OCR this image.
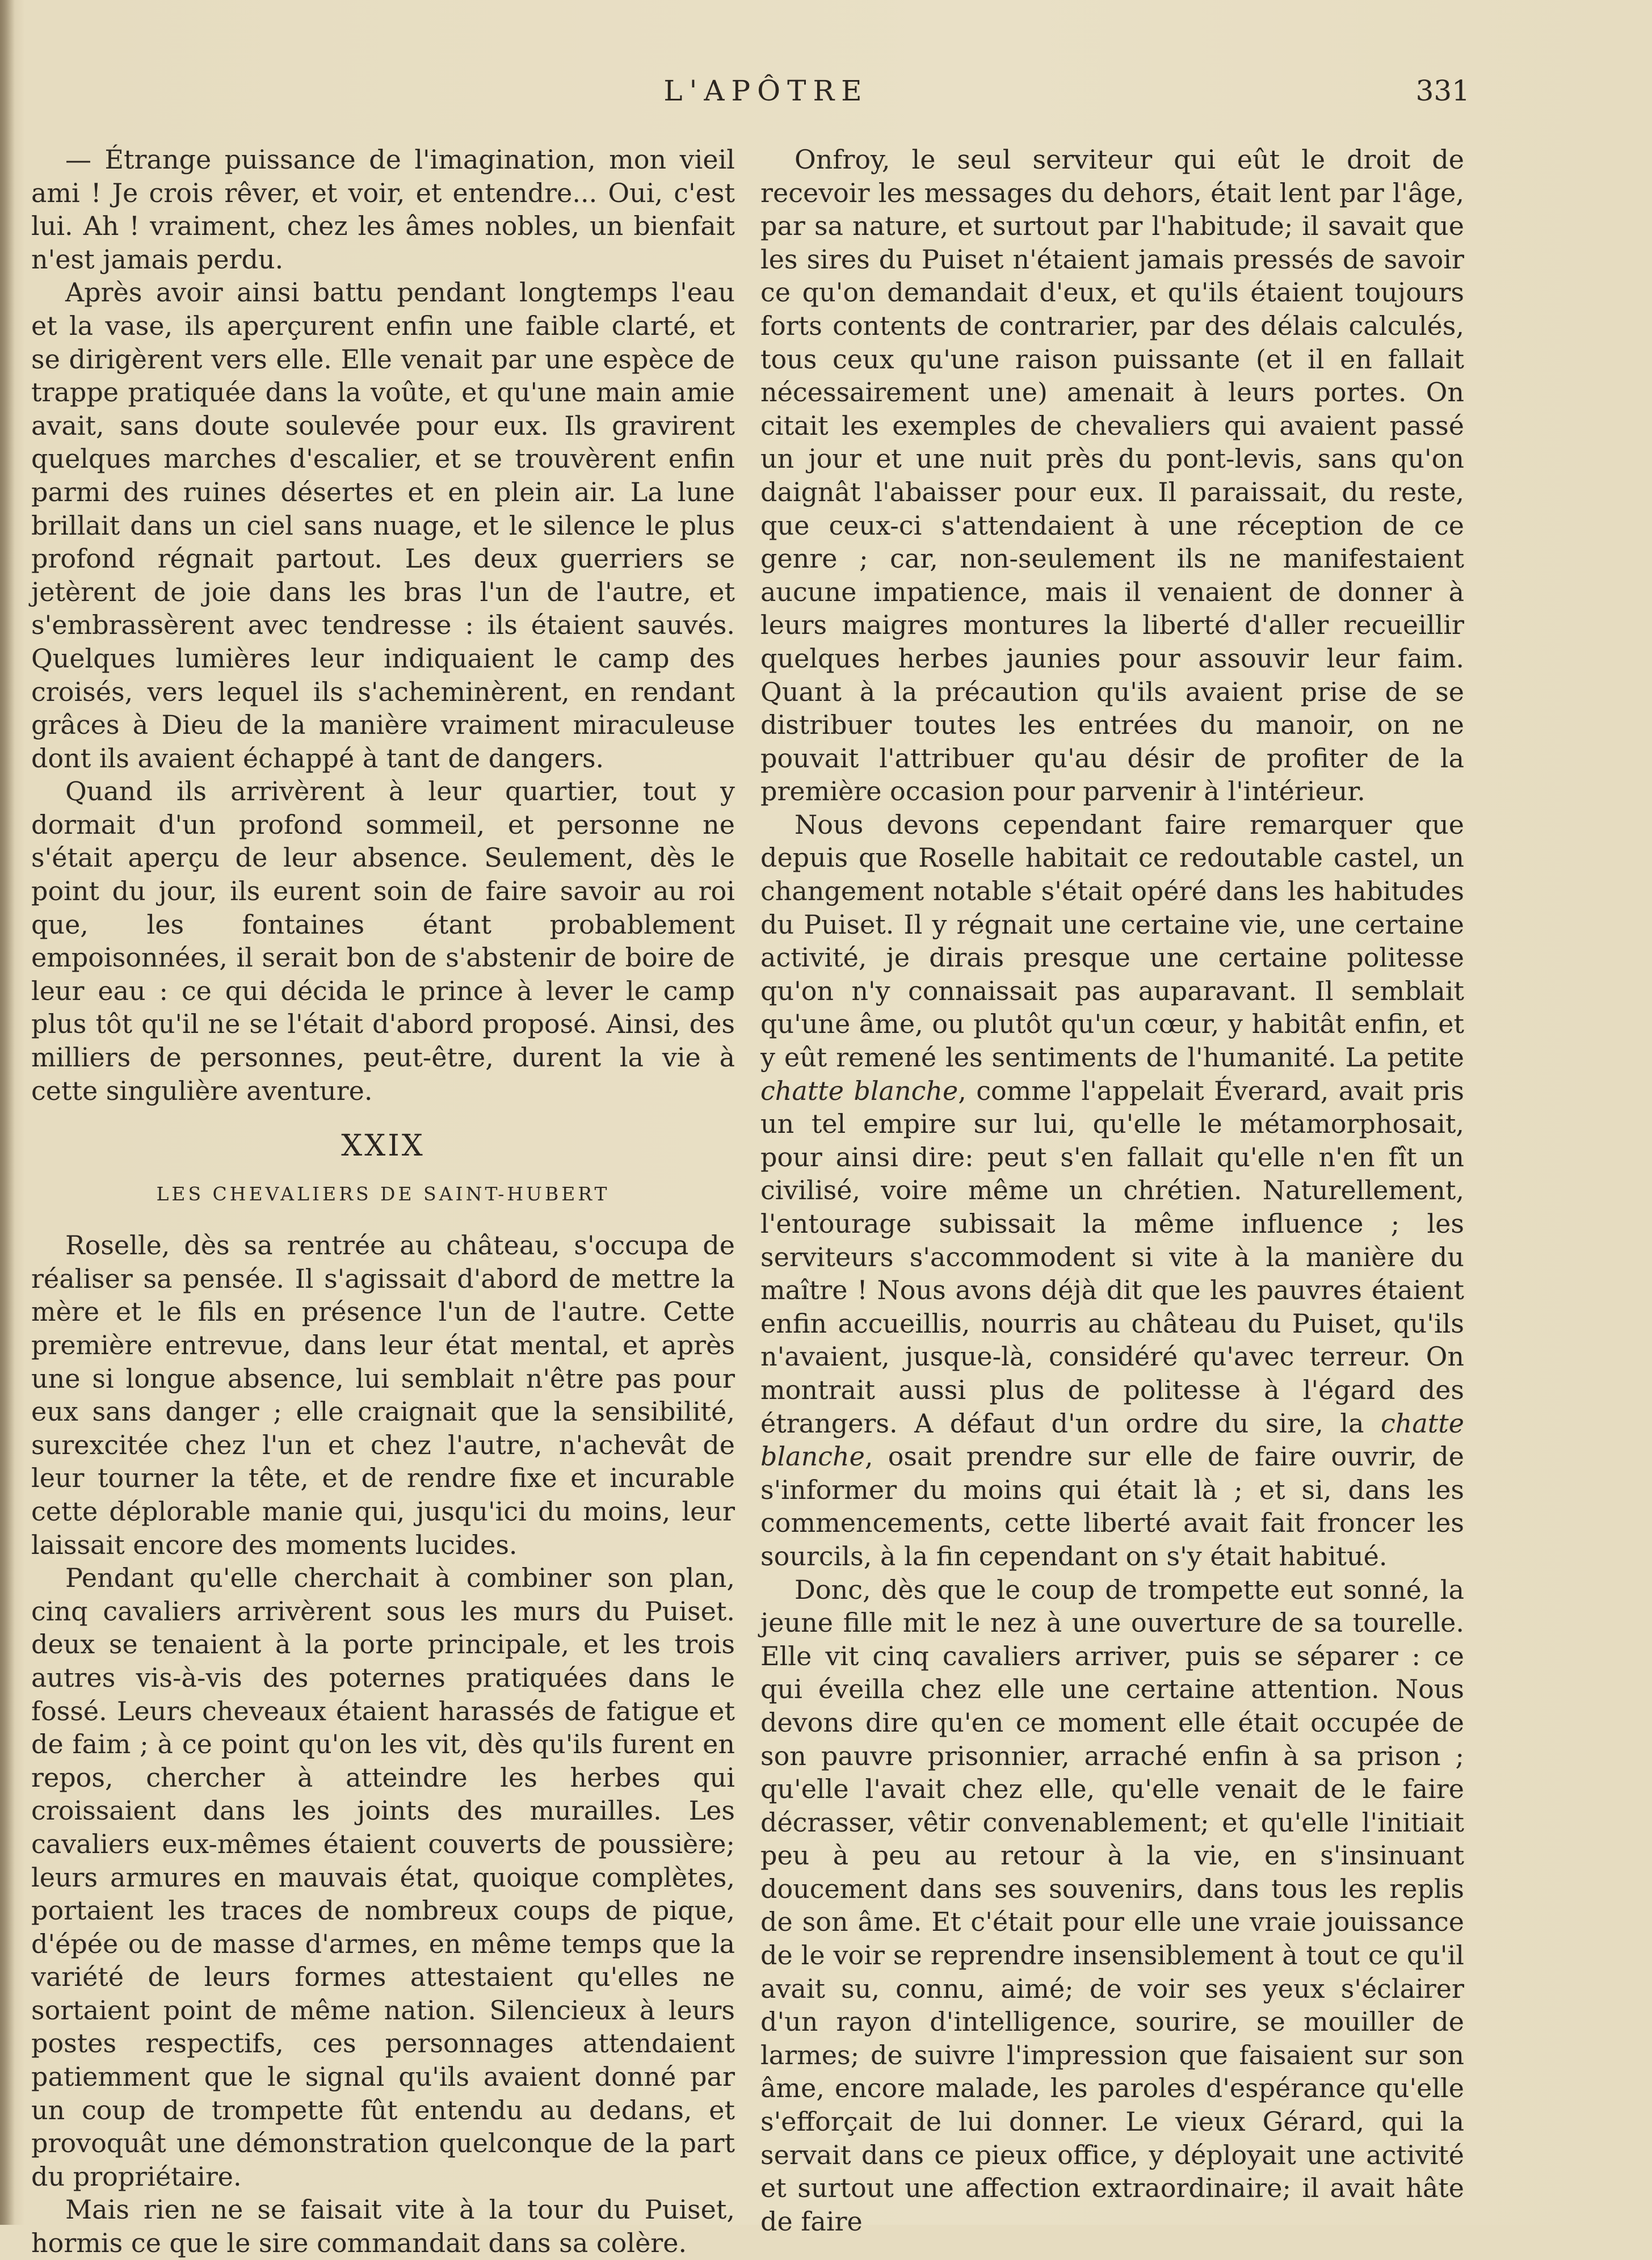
L'APÔTRE	331

— Étrange puissance de l'imagination, mon vieil ami ! Je crois rêver, et voir, et entendre... Oui, c'est lui. Ah ! vraiment, chez les âmes nobles, un bienfait n'est jamais perdu.

Après avoir ainsi battu pendant longtemps l'eau et la vase, ils aperçurent enfin une faible clarté, et se dirigèrent vers elle. Elle venait par une espèce de trappe pratiquée dans la voûte, et qu'une main amie avait, sans doute soulevée pour eux. Ils gravirent quelques marches d'escalier, et se trouvèrent enfin parmi des ruines désertes et en plein air. La lune brillait dans un ciel sans nuage, et le silence le plus profond régnait partout. Les deux guerriers se jetèrent de joie dans les bras l'un de l'autre, et s'embrassèrent avec tendresse : ils étaient sauvés. Quelques lumières leur indiquaient le camp des croisés, vers lequel ils s'acheminèrent, en rendant grâces à Dieu de la manière vraiment miraculeuse dont ils avaient échappé à tant de dangers.

Quand ils arrivèrent à leur quartier, tout y dormait d'un profond sommeil, et personne ne s'était aperçu de leur absence. Seulement, dès le point du jour, ils eurent soin de faire savoir au roi que, les fontaines étant probablement empoisonnées, il serait bon de s'abstenir de boire de leur eau : ce qui décida le prince à lever le camp plus tôt qu'il ne se l'était d'abord proposé. Ainsi, des milliers de personnes, peut-être, durent la vie à cette singulière aventure.

XXIX
LES CHEVALIERS DE SAINT-HUBERT

Roselle, dès sa rentrée au château, s'occupa de réaliser sa pensée. Il s'agissait d'abord de mettre la mère et le fils en présence l'un de l'autre. Cette première entrevue, dans leur état mental, et après une si longue absence, lui semblait n'être pas pour eux sans danger ; elle craignait que la sensibilité, surexcitée chez l'un et chez l'autre, n'achevât de leur tourner la tête, et de rendre fixe et incurable cette déplorable manie qui, jusqu'ici du moins, leur laissait encore des moments lucides.

Pendant qu'elle cherchait à combiner son plan, cinq cavaliers arrivèrent sous les murs du Puiset. deux se tenaient à la porte principale, et les trois autres vis-à-vis des poternes pratiquées dans le fossé. Leurs cheveaux étaient harassés de fatigue et de faim ; à ce point qu'on les vit, dès qu'ils furent en repos, chercher à atteindre les herbes qui croissaient dans les joints des murailles. Les cavaliers eux-mêmes étaient couverts de poussière; leurs armures en mauvais état, quoique complètes, portaient les traces de nombreux coups de pique, d'épée ou de masse d'armes, en même temps que la variété de leurs formes attestaient qu'elles ne sortaient point de même nation. Silencieux à leurs postes respectifs, ces personnages attendaient patiemment que le signal qu'ils avaient donné par un coup de trompette fût entendu au dedans, et provoquât une démonstration quelconque de la part du propriétaire.

Mais rien ne se faisait vite à la tour du Puiset, hormis ce que le sire commandait dans sa colère.

Onfroy, le seul serviteur qui eût le droit de recevoir les messages du dehors, était lent par l'âge, par sa nature, et surtout par l'habitude; il savait que les sires du Puiset n'étaient jamais pressés de savoir ce qu'on demandait d'eux, et qu'ils étaient toujours forts contents de contrarier, par des délais calculés, tous ceux qu'une raison puissante (et il en fallait nécessairement une) amenait à leurs portes. On citait les exemples de chevaliers qui avaient passé un jour et une nuit près du pont-levis, sans qu'on daignât l'abaisser pour eux. Il paraissait, du reste, que ceux-ci s'attendaient à une réception de ce genre ; car, non-seulement ils ne manifestaient aucune impatience, mais il venaient de donner à leurs maigres montures la liberté d'aller recueillir quelques herbes jaunies pour assouvir leur faim. Quant à la précaution qu'ils avaient prise de se distribuer toutes les entrées du manoir, on ne pouvait l'attribuer qu'au désir de profiter de la première occasion pour parvenir à l'intérieur.

Nous devons cependant faire remarquer que depuis que Roselle habitait ce redoutable castel, un changement notable s'était opéré dans les habitudes du Puiset. Il y régnait une certaine vie, une certaine activité, je dirais presque une certaine politesse qu'on n'y connaissait pas auparavant. Il semblait qu'une âme, ou plutôt qu'un cœur, y habitât enfin, et y eût remené les sentiments de l'humanité. La petite chatte blanche, comme l'appelait Éverard, avait pris un tel empire sur lui, qu'elle le métamorphosait, pour ainsi dire: peut s'en fallait qu'elle n'en fît un civilisé, voire même un chrétien. Naturellement, l'entourage subissait la même influence ; les serviteurs s'accommodent si vite à la manière du maître ! Nous avons déjà dit que les pauvres étaient enfin accueillis, nourris au château du Puiset, qu'ils n'avaient, jusque-là, considéré qu'avec terreur. On montrait aussi plus de politesse à l'égard des étrangers. A défaut d'un ordre du sire, la chatte blanche, osait prendre sur elle de faire ouvrir, de s'informer du moins qui était là ; et si, dans les commencements, cette liberté avait fait froncer les sourcils, à la fin cependant on s'y était habitué.

Donc, dès que le coup de trompette eut sonné, la jeune fille mit le nez à une ouverture de sa tourelle. Elle vit cinq cavaliers arriver, puis se séparer : ce qui éveilla chez elle une certaine attention. Nous devons dire qu'en ce moment elle était occupée de son pauvre prisonnier, arraché enfin à sa prison ; qu'elle l'avait chez elle, qu'elle venait de le faire décrasser, vêtir convenablement; et qu'elle l'initiait peu à peu au retour à la vie, en s'insinuant doucement dans ses souvenirs, dans tous les replis de son âme. Et c'était pour elle une vraie jouissance de le voir se reprendre insensiblement à tout ce qu'il avait su, connu, aimé; de voir ses yeux s'éclairer d'un rayon d'intelligence, sourire, se mouiller de larmes; de suivre l'impression que faisaient sur son âme, encore malade, les paroles d'espérance qu'elle s'efforçait de lui donner. Le vieux Gérard, qui la servait dans ce pieux office, y déployait une activité et surtout une affection extraordinaire; il avait hâte de faire
